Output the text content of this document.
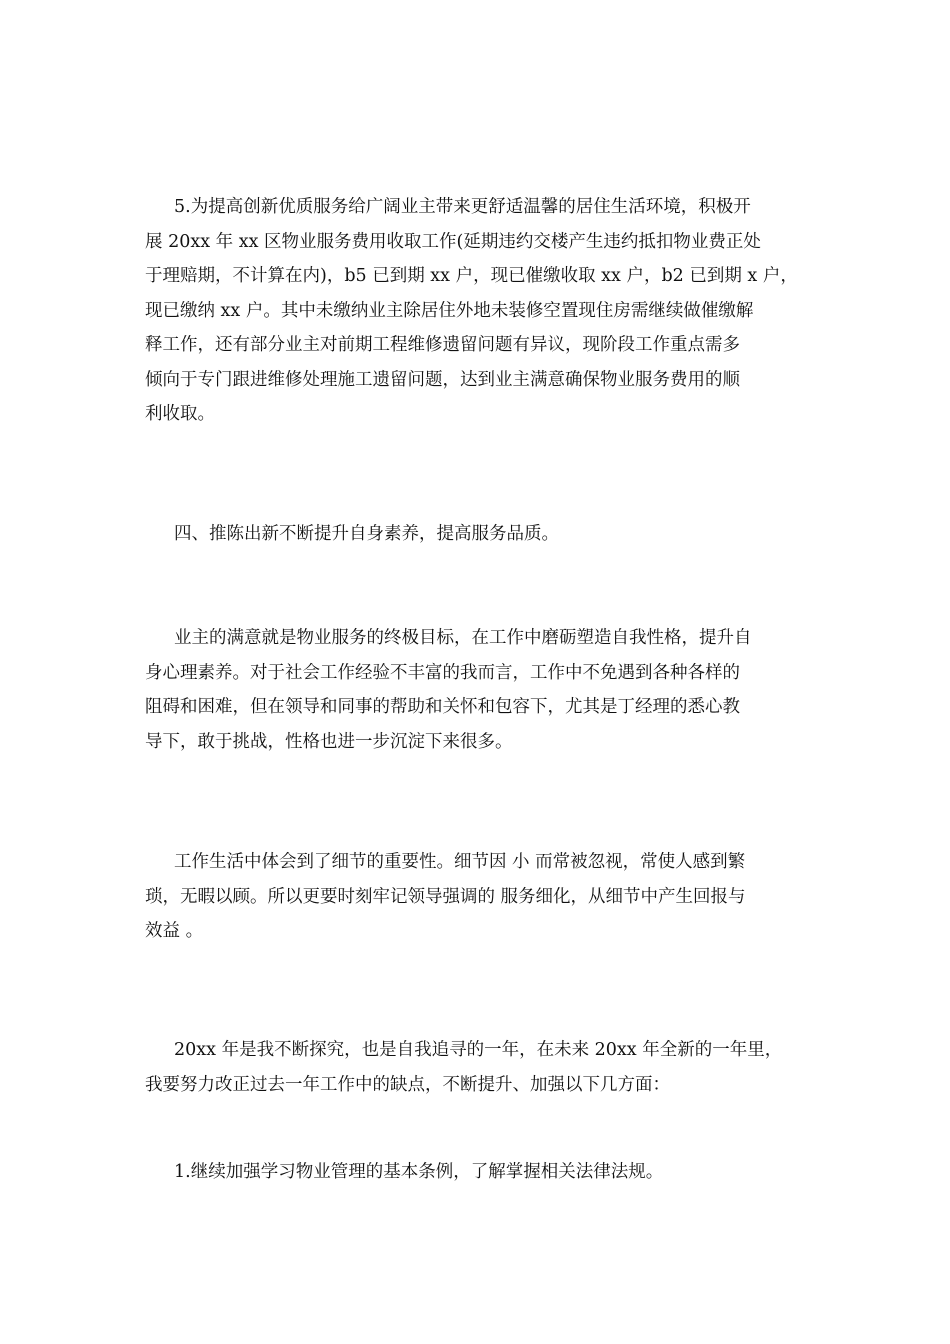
5.为提高创新优质服务给广阔业主带来更舒适温馨的居住生活环境，积极开
展 20xx 年 xx 区物业服务费用收取工作(延期违约交楼产生违约抵扣物业费正处
于理赔期，不计算在内)，b5 已到期 xx 户，现已催缴收取 xx 户，b2 已到期 x 户，
现已缴纳 xx 户。其中未缴纳业主除居住外地未装修空置现住房需继续做催缴解
释工作，还有部分业主对前期工程维修遗留问题有异议，现阶段工作重点需多
倾向于专门跟进维修处理施工遗留问题，达到业主满意确保物业服务费用的顺
利收取。
四、推陈出新不断提升自身素养，提高服务品质。
业主的满意就是物业服务的终极目标，在工作中磨砺塑造自我性格，提升自
身心理素养。对于社会工作经验不丰富的我而言，工作中不免遇到各种各样的
阻碍和困难，但在领导和同事的帮助和关怀和包容下，尤其是丁经理的悉心教
导下，敢于挑战，性格也进一步沉淀下来很多。
工作生活中体会到了细节的重要性。细节因 小 而常被忽视，常使人感到繁
琐，无暇以顾。所以更要时刻牢记领导强调的 服务细化，从细节中产生回报与
效益 。
20xx 年是我不断探究，也是自我追寻的一年，在未来 20xx 年全新的一年里，
我要努力改正过去一年工作中的缺点，不断提升、加强以下几方面：
1.继续加强学习物业管理的基本条例，了解掌握相关法律法规。
